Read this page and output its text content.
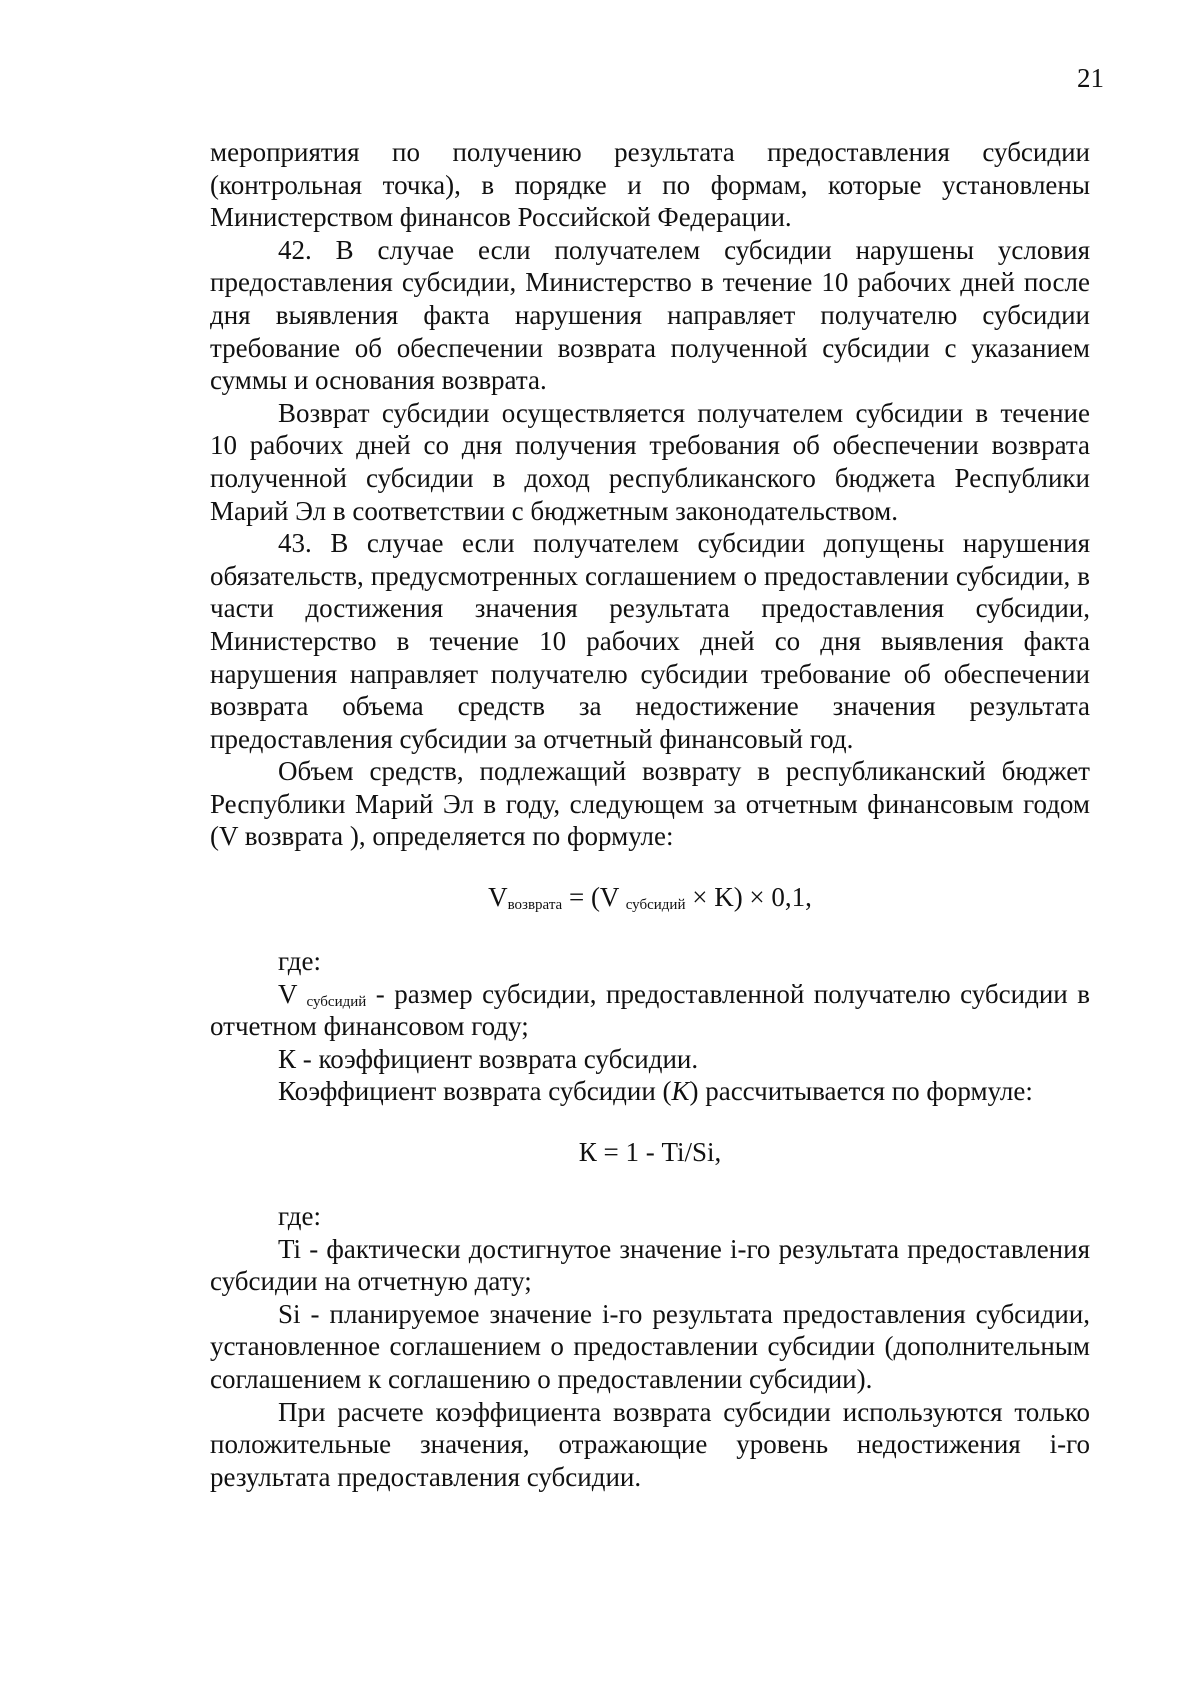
21

мероприятия по получению результата предоставления субсидии (контрольная точка), в порядке и по формам, которые установлены Министерством финансов Российской Федерации.

42. В случае если получателем субсидии нарушены условия предоставления субсидии, Министерство в течение 10 рабочих дней после дня выявления факта нарушения направляет получателю субсидии требование об обеспечении возврата полученной субсидии с указанием суммы и основания возврата.

Возврат субсидии осуществляется получателем субсидии в течение 10 рабочих дней со дня получения требования об обеспечении возврата полученной субсидии в доход республиканского бюджета Республики Марий Эл в соответствии с бюджетным законодательством.

43. В случае если получателем субсидии допущены нарушения обязательств, предусмотренных соглашением о предоставлении субсидии, в части достижения значения результата предоставления субсидии, Министерство в течение 10 рабочих дней со дня выявления факта нарушения направляет получателю субсидии требование об обеспечении возврата объема средств за недостижение значения результата предоставления субсидии за отчетный финансовый год.

Объем средств, подлежащий возврату в республиканский бюджет Республики Марий Эл в году, следующем за отчетным финансовым годом (V возврата ), определяется по формуле:

$V_{возврата} = (V$ $_{субсидий}$ × K) × 0,1,

где:

V $_{субсидий}$ - размер субсидии, предоставленной получателю субсидии в отчетном финансовом году;

К - коэффициент возврата субсидии.

Коэффициент возврата субсидии (К) рассчитывается по формуле:

К = 1 - Ti/Si,

где:

Ti - фактически достигнутое значение i-го результата предоставления субсидии на отчетную дату;

Si - планируемое значение i-го результата предоставления субсидии, установленное соглашением о предоставлении субсидии (дополнительным соглашением к соглашению о предоставлении субсидии).

При расчете коэффициента возврата субсидии используются только положительные значения, отражающие уровень недостижения i-го результата предоставления субсидии.
